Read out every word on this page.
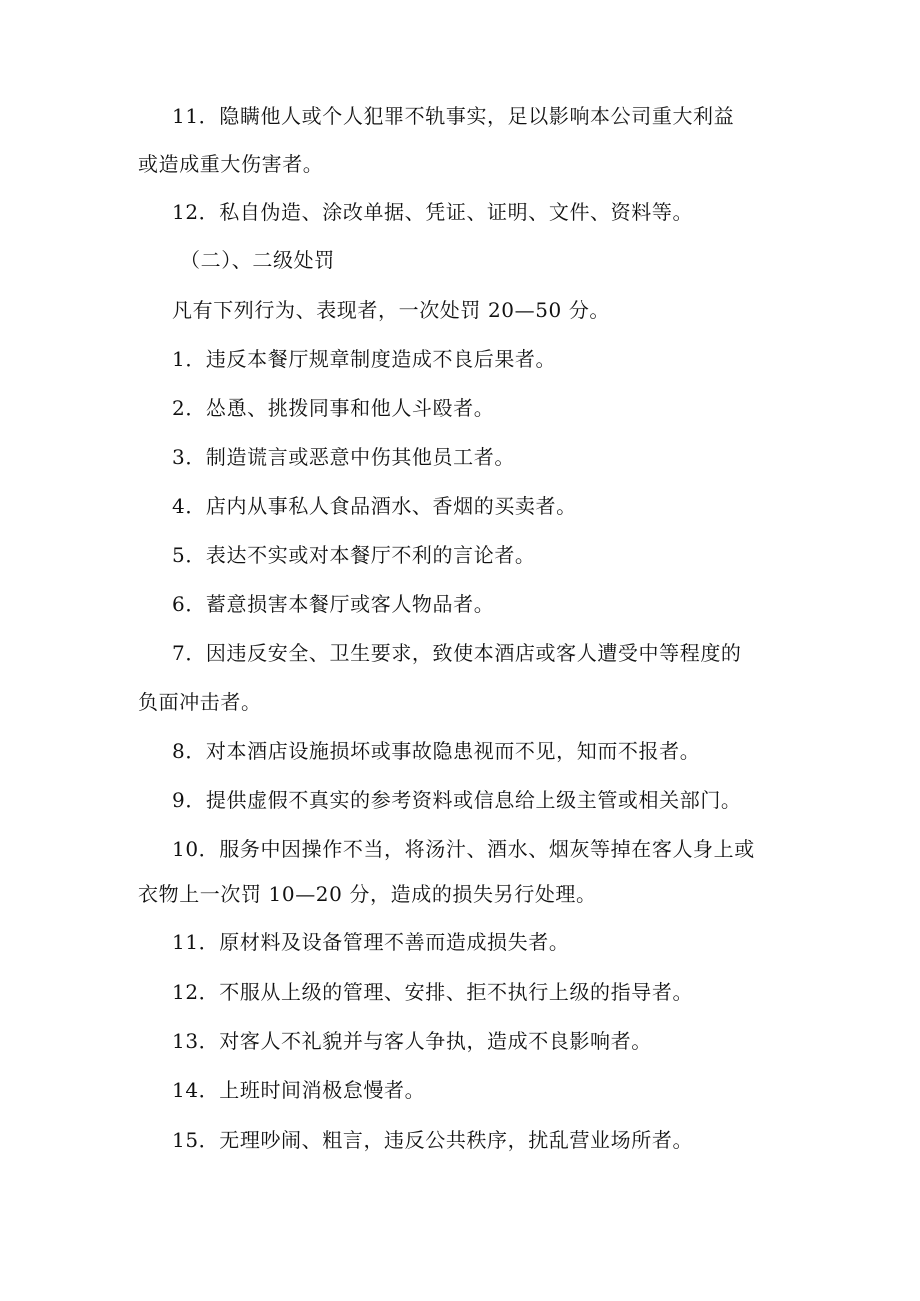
11．隐瞒他人或个人犯罪不轨事实，足以影响本公司重大利益
或造成重大伤害者。
12．私自伪造、涂改单据、凭证、证明、文件、资料等。
（二）、二级处罚
凡有下列行为、表现者，一次处罚 20—50 分。
1．违反本餐厅规章制度造成不良后果者。
2．怂恿、挑拨同事和他人斗殴者。
3．制造谎言或恶意中伤其他员工者。
4．店内从事私人食品酒水、香烟的买卖者。
5．表达不实或对本餐厅不利的言论者。
6．蓄意损害本餐厅或客人物品者。
7．因违反安全、卫生要求，致使本酒店或客人遭受中等程度的
负面冲击者。
8．对本酒店设施损坏或事故隐患视而不见，知而不报者。
9．提供虚假不真实的参考资料或信息给上级主管或相关部门。
10．服务中因操作不当，将汤汁、酒水、烟灰等掉在客人身上或
衣物上一次罚 10—20 分，造成的损失另行处理。
11．原材料及设备管理不善而造成损失者。
12．不服从上级的管理、安排、拒不执行上级的指导者。
13．对客人不礼貌并与客人争执，造成不良影响者。
14．上班时间消极怠慢者。
15．无理吵闹、粗言，违反公共秩序，扰乱营业场所者。
